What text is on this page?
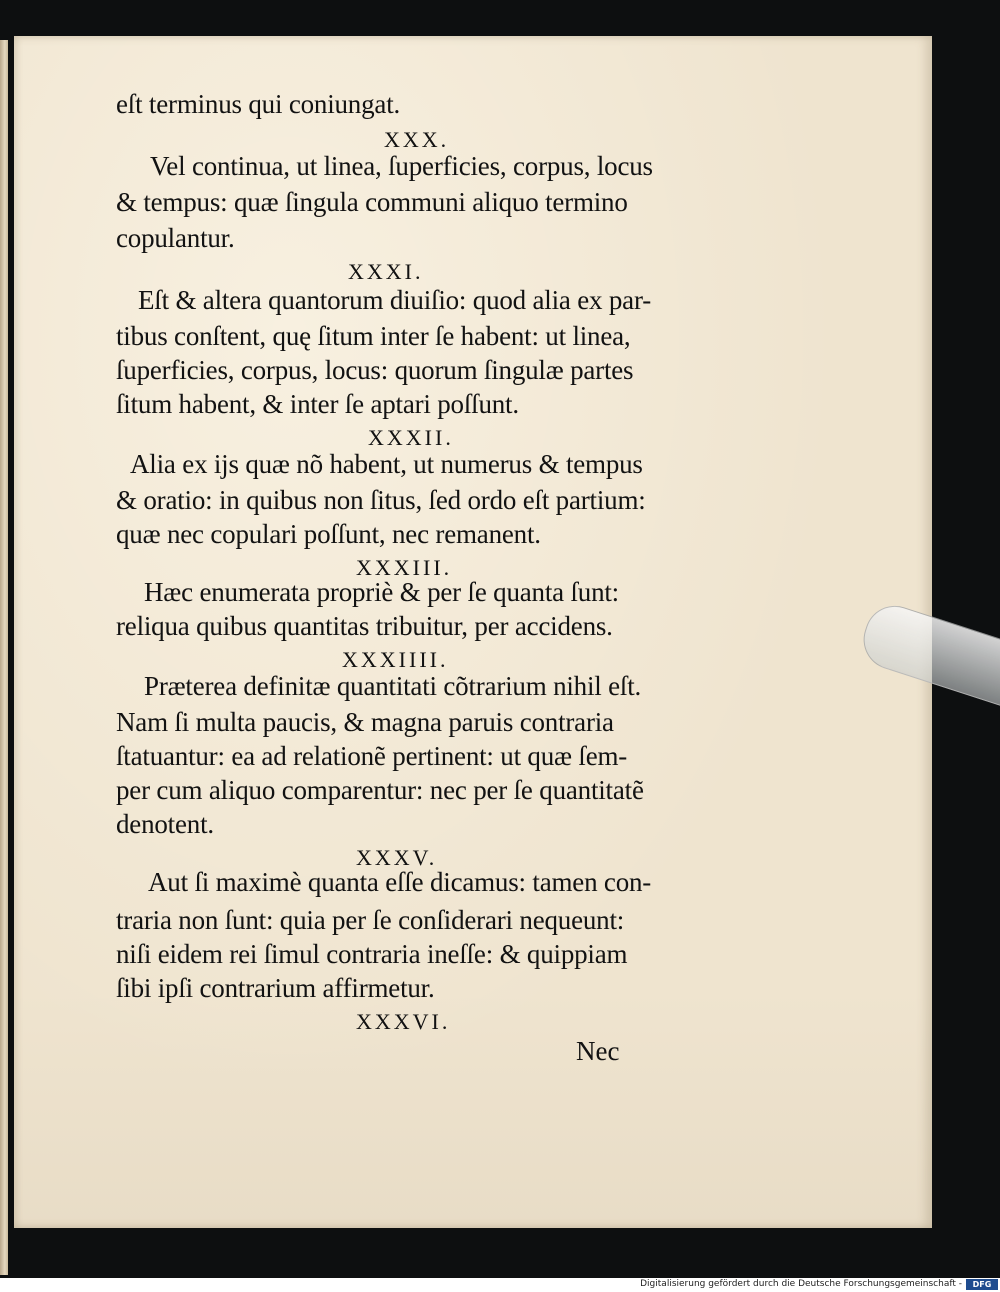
eſt terminus qui coniungat.
XXX.
Vel continua, ut linea, ſuperficies, corpus, locus
& tempus: quæ ſingula communi aliquo termino
copulantur.
XXXI.
Eſt & altera quantorum diuiſio: quod alia ex par-
tibus conſtent, quę ſitum inter ſe habent: ut linea,
ſuperficies, corpus, locus: quorum ſingulæ partes
ſitum habent, & inter ſe aptari poſſunt.
XXXII.
Alia ex ijs quæ nõ habent, ut numerus & tempus
& oratio: in quibus non ſitus, ſed ordo eſt partium:
quæ nec copulari poſſunt, nec remanent.
XXXIII.
Hæc enumerata propriè & per ſe quanta ſunt:
reliqua quibus quantitas tribuitur, per accidens.
XXXIIII.
Præterea definitæ quantitati cõtrarium nihil eſt.
Nam ſi multa paucis, & magna paruis contraria
ſtatuantur: ea ad relationẽ pertinent: ut quæ ſem-
per cum aliquo comparentur: nec per ſe quantitatẽ
denotent.
XXXV.
Aut ſi maximè quanta eſſe dicamus: tamen con-
traria non ſunt: quia per ſe conſiderari nequeunt:
niſi eidem rei ſimul contraria ineſſe: & quippiam
ſibi ipſi contrarium affirmetur.
XXXVI.
Nec
Digitalisierung gefördert durch die Deutsche Forschungsgemeinschaft -	DFG
